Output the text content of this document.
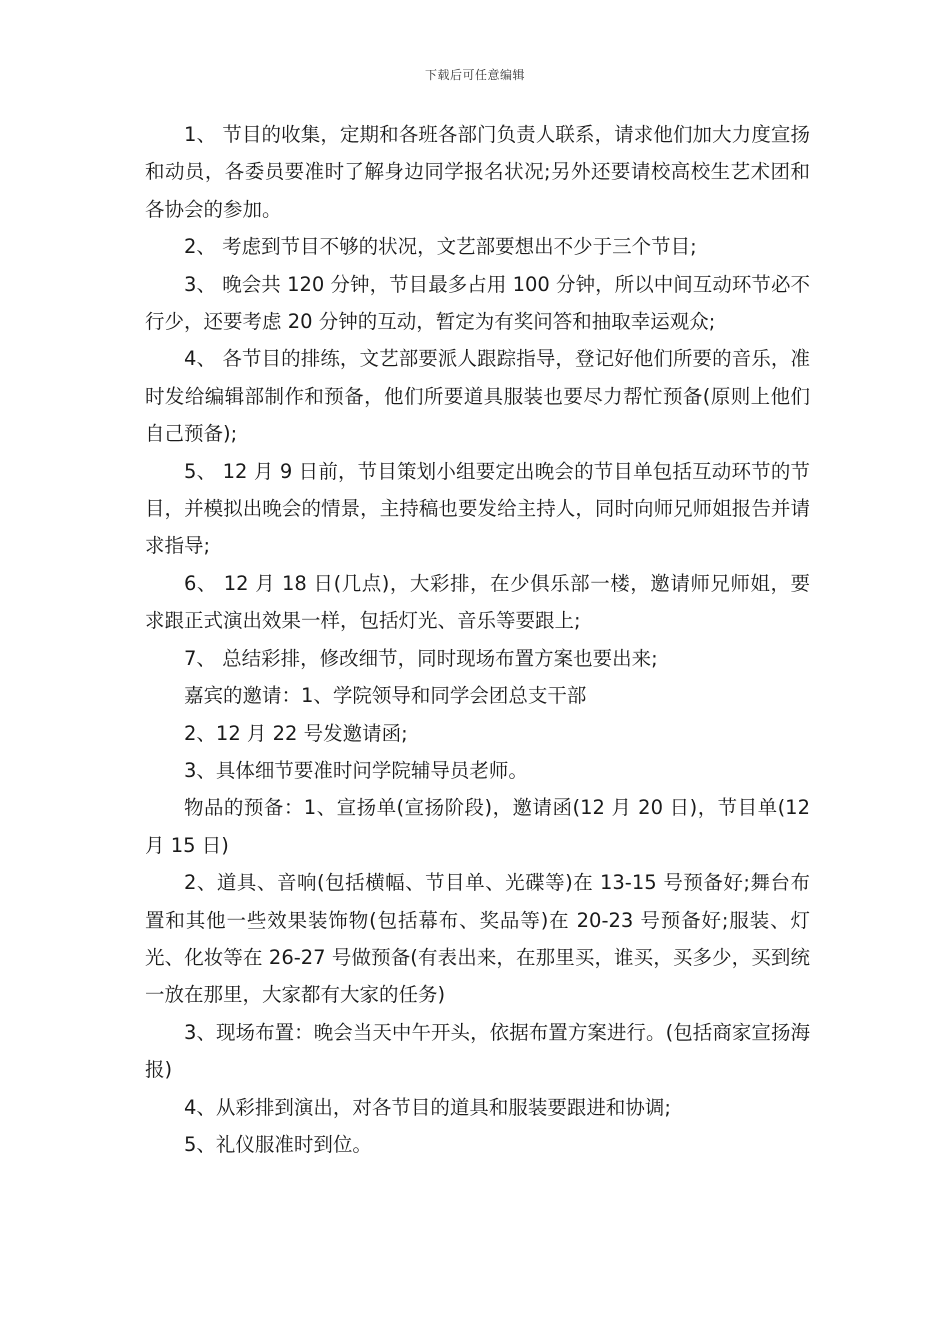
下载后可任意编辑

1、 节目的收集，定期和各班各部门负责人联系，请求他们加大力度宣扬和动员，各委员要准时了解身边同学报名状况;另外还要请校高校生艺术团和各协会的参加。

2、 考虑到节目不够的状况，文艺部要想出不少于三个节目;

3、 晚会共 120 分钟，节目最多占用 100 分钟，所以中间互动环节必不行少，还要考虑 20 分钟的互动，暂定为有奖问答和抽取幸运观众;

4、 各节目的排练，文艺部要派人跟踪指导，登记好他们所要的音乐，准时发给编辑部制作和预备，他们所要道具服装也要尽力帮忙预备(原则上他们自己预备);

5、 12 月 9 日前，节目策划小组要定出晚会的节目单包括互动环节的节目，并模拟出晚会的情景，主持稿也要发给主持人，同时向师兄师姐报告并请求指导;

6、 12 月 18 日(几点)，大彩排，在少俱乐部一楼，邀请师兄师姐，要求跟正式演出效果一样，包括灯光、音乐等要跟上;

7、 总结彩排，修改细节，同时现场布置方案也要出来;

嘉宾的邀请：1、学院领导和同学会团总支干部

2、12 月 22 号发邀请函;

3、具体细节要准时问学院辅导员老师。

物品的预备：1、宣扬单(宣扬阶段)，邀请函(12 月 20 日)，节目单(12 月 15 日)

2、道具、音响(包括横幅、节目单、光碟等)在 13-15 号预备好;舞台布置和其他一些效果装饰物(包括幕布、奖品等)在 20-23 号预备好;服装、灯光、化妆等在 26-27 号做预备(有表出来，在那里买，谁买，买多少，买到统一放在那里，大家都有大家的任务)

3、现场布置：晚会当天中午开头，依据布置方案进行。(包括商家宣扬海报)

4、从彩排到演出，对各节目的道具和服装要跟进和协调;

5、礼仪服准时到位。
